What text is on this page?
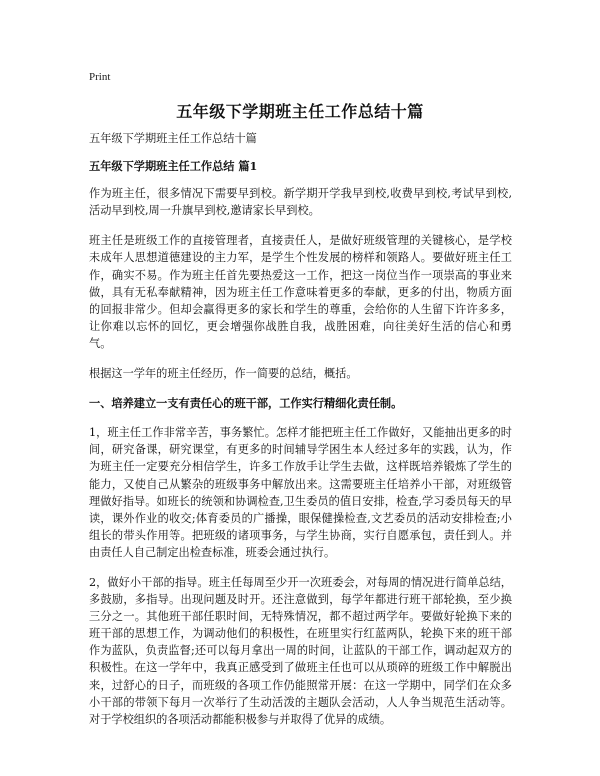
Print
五年级下学期班主任工作总结十篇

五年级下学期班主任工作总结十篇

五年级下学期班主任工作总结 篇1

作为班主任，很多情况下需要早到校。新学期开学我早到校,收费早到校,考试早到校,活动早到校,周一升旗早到校,邀请家长早到校。

班主任是班级工作的直接管理者，直接责任人，是做好班级管理的关键核心，是学校未成年人思想道德建设的主力军，是学生个性发展的榜样和领路人。要做好班主任工作，确实不易。作为班主任首先要热爱这一工作，把这一岗位当作一项崇高的事业来做，具有无私奉献精神，因为班主任工作意味着更多的奉献，更多的付出，物质方面的回报非常少。但却会赢得更多的家长和学生的尊重，会给你的人生留下许许多多，让你难以忘怀的回忆，更会增强你战胜自我，战胜困难，向往美好生活的信心和勇气。

根据这一学年的班主任经历，作一简要的总结，概括。

一、培养建立一支有责任心的班干部，工作实行精细化责任制。

1，班主任工作非常辛苦，事务繁忙。怎样才能把班主任工作做好，又能抽出更多的时间，研究备课，研究课堂，有更多的时间辅导学困生本人经过多年的实践，认为，作为班主任一定要充分相信学生，许多工作放手让学生去做，这样既培养锻炼了学生的能力，又使自己从繁杂的班级事务中解放出来。这需要班主任培养小干部，对班级管理做好指导。如班长的统领和协调检查,卫生委员的值日安排，检查,学习委员每天的早读，课外作业的收交;体育委员的广播操，眼保健操检查,文艺委员的活动安排检查;小组长的带头作用等。把班级的诸项事务，与学生协商，实行自愿承包，责任到人。并由责任人自己制定出检查标准，班委会通过执行。

2，做好小干部的指导。班主任每周至少开一次班委会，对每周的情况进行简单总结，多鼓励，多指导。出现问题及时开。还注意做到，每学年都进行班干部轮换，至少换三分之一。其他班干部任职时间，无特殊情况，都不超过两学年。要做好轮换下来的班干部的思想工作，为调动他们的积极性，在班里实行红蓝两队，轮换下来的班干部作为蓝队，负责监督;还可以每月拿出一周的时间，让蓝队的干部工作，调动起双方的积极性。在这一学年中，我真正感受到了做班主任也可以从琐碎的班级工作中解脱出来，过舒心的日子，而班级的各项工作仍能照常开展：在这一学期中，同学们在众多小干部的带领下每月一次举行了生动活泼的主题队会活动，人人争当规范生活动等。对于学校组织的各项活动都能积极参与并取得了优异的成绩。
